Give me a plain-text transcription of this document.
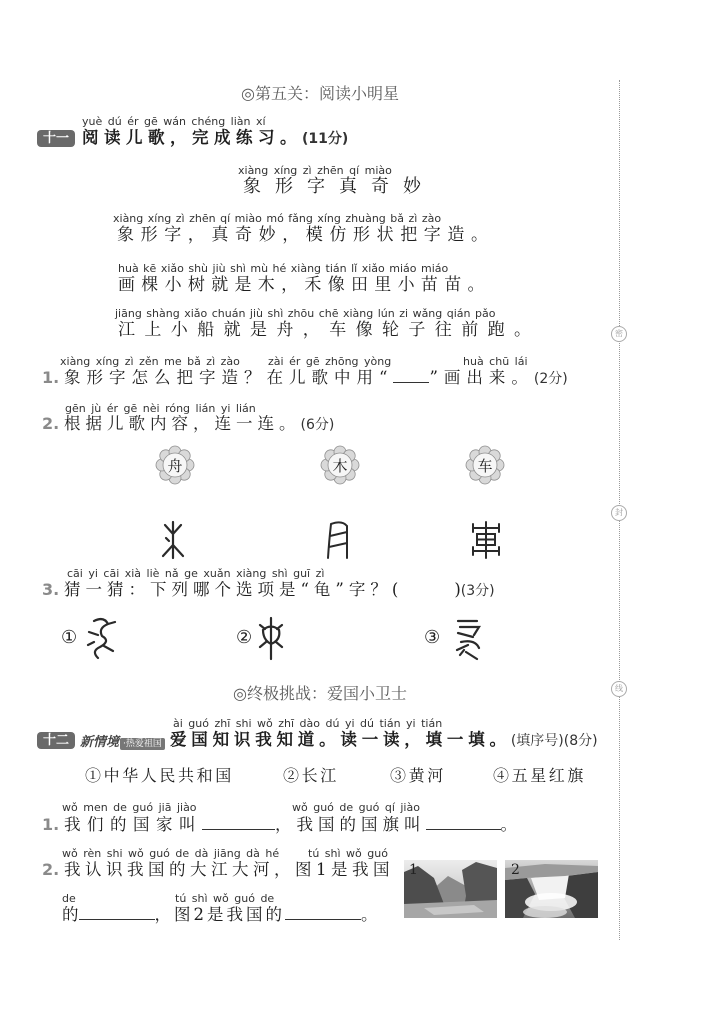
密
封
线
◎第五关：阅读小明星
十一
yuè dú ér gē wán chéng liàn xí
阅读儿歌，完成练习。(11分)
xiàng xíng zì zhēn qí miào
象形字真奇妙
xiàng xíng zì zhēn qí miào mó fǎng xíng zhuàng bǎ zì zào
象形字，真奇妙，模仿形状把字造。
huà kē xiǎo shù jiù shì mù hé xiàng tián lǐ xiǎo miáo miáo
画棵小树就是木，禾像田里小苗苗。
jiāng shàng xiǎo chuán jiù shì zhōu chē xiàng lún zi wǎng qián pǎo
江上小船就是舟，车像轮子往前跑。
xiàng xíng zì zěn me bǎ zì zào	zài ér gē zhōng yòng	huà chū lái
1. 象形字怎么把字造？在儿歌中用“ ”画出来。(2分)
gēn jù ér gē nèi róng lián yi lián
2. 根据儿歌内容，连一连。(6分)
舟	木	车
cāi yi cāi xià liè nǎ ge xuǎn xiàng shì guī zì
3. 猜一猜：下列哪个选项是“龟”字？(	)(3分)
①	②	③
◎终极挑战：爱国小卫士
十二 新情境 ·热爱祖国
ài guó zhī shi wǒ zhī dào dú yi dú tián yi tián
爱国知识我知道。读一读，填一填。(填序号)(8分)
①中华人民共和国	②长江	③黄河	④五星红旗
wǒ men de guó jiā jiào	wǒ guó de guó qí jiào
1. 我们的国家叫	，我国的国旗叫	。
wǒ rèn shi wǒ guó de dà jiāng dà hé	tú shì wǒ guó
2. 我认识我国的大江大河，图1是我国
de	tú shì wǒ guó de
的	，图2是我国的	。
1	2
